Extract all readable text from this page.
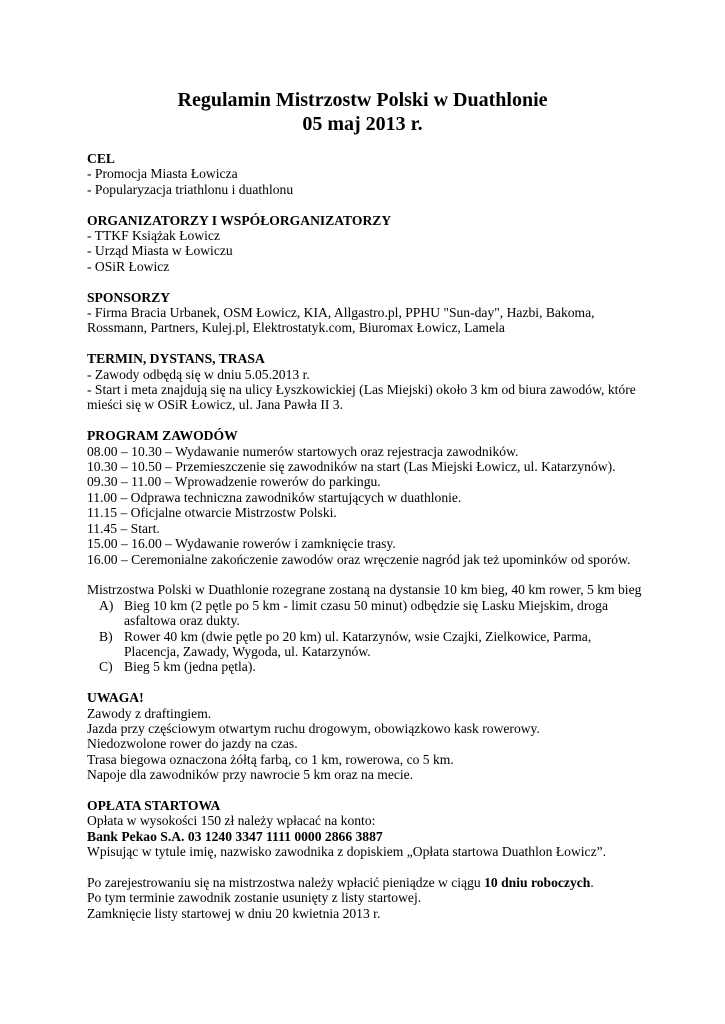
Regulamin Mistrzostw Polski w Duathlonie
05 maj 2013 r.

CEL

- Promocja Miasta Łowicza

- Popularyzacja triathlonu i duathlonu

ORGANIZATORZY I WSPÓŁORGANIZATORZY

- TTKF Książak Łowicz

- Urząd Miasta w Łowiczu

- OSiR Łowicz

SPONSORZY

- Firma Bracia Urbanek, OSM Łowicz, KIA, Allgastro.pl, PPHU "Sun-day", Hazbi, Bakoma,

Rossmann, Partners, Kulej.pl, Elektrostatyk.com, Biuromax Łowicz, Lamela

TERMIN, DYSTANS, TRASA

- Zawody odbędą się w dniu 5.05.2013 r.

- Start i meta znajdują się na ulicy Łyszkowickiej (Las Miejski) około 3 km od biura zawodów, które

mieści się w OSiR Łowicz, ul. Jana Pawła II 3.

PROGRAM ZAWODÓW

08.00 – 10.30 – Wydawanie numerów startowych oraz rejestracja zawodników.

10.30 – 10.50 – Przemieszczenie się zawodników na start (Las Miejski Łowicz, ul. Katarzynów).

09.30 – 11.00 – Wprowadzenie rowerów do parkingu.

11.00 – Odprawa techniczna zawodników startujących w duathlonie.

11.15 – Oficjalne otwarcie Mistrzostw Polski.

11.45 – Start.

15.00 – 16.00 – Wydawanie rowerów i zamknięcie trasy.

16.00 – Ceremonialne zakończenie zawodów oraz wręczenie nagród jak też upominków od sporów.

Mistrzostwa Polski w Duathlonie rozegrane zostaną na dystansie 10 km bieg, 40 km rower, 5 km bieg

A) Bieg 10 km (2 pętle po 5 km - limit czasu 50 minut) odbędzie się Lasku Miejskim, droga

asfaltowa oraz dukty.

B) Rower 40 km (dwie pętle po 20 km) ul. Katarzynów, wsie Czajki, Zielkowice, Parma,

Placencja, Zawady, Wygoda, ul. Katarzynów.

C) Bieg 5 km (jedna pętla).

UWAGA!

Zawody z draftingiem.

Jazda przy częściowym otwartym ruchu drogowym, obowiązkowo kask rowerowy.

Niedozwolone rower do jazdy na czas.

Trasa biegowa oznaczona żółtą farbą, co 1 km, rowerowa, co 5 km.

Napoje dla zawodników przy nawrocie 5 km oraz na mecie.

OPŁATA STARTOWA

Opłata w wysokości 150 zł należy wpłacać na konto:

Bank Pekao S.A. 03 1240 3347 1111 0000 2866 3887

Wpisując w tytule imię, nazwisko zawodnika z dopiskiem „Opłata startowa Duathlon Łowicz”.

Po zarejestrowaniu się na mistrzostwa należy wpłacić pieniądze w ciągu 10 dniu roboczych.

Po tym terminie zawodnik zostanie usunięty z listy startowej.

Zamknięcie listy startowej w dniu 20 kwietnia 2013 r.
